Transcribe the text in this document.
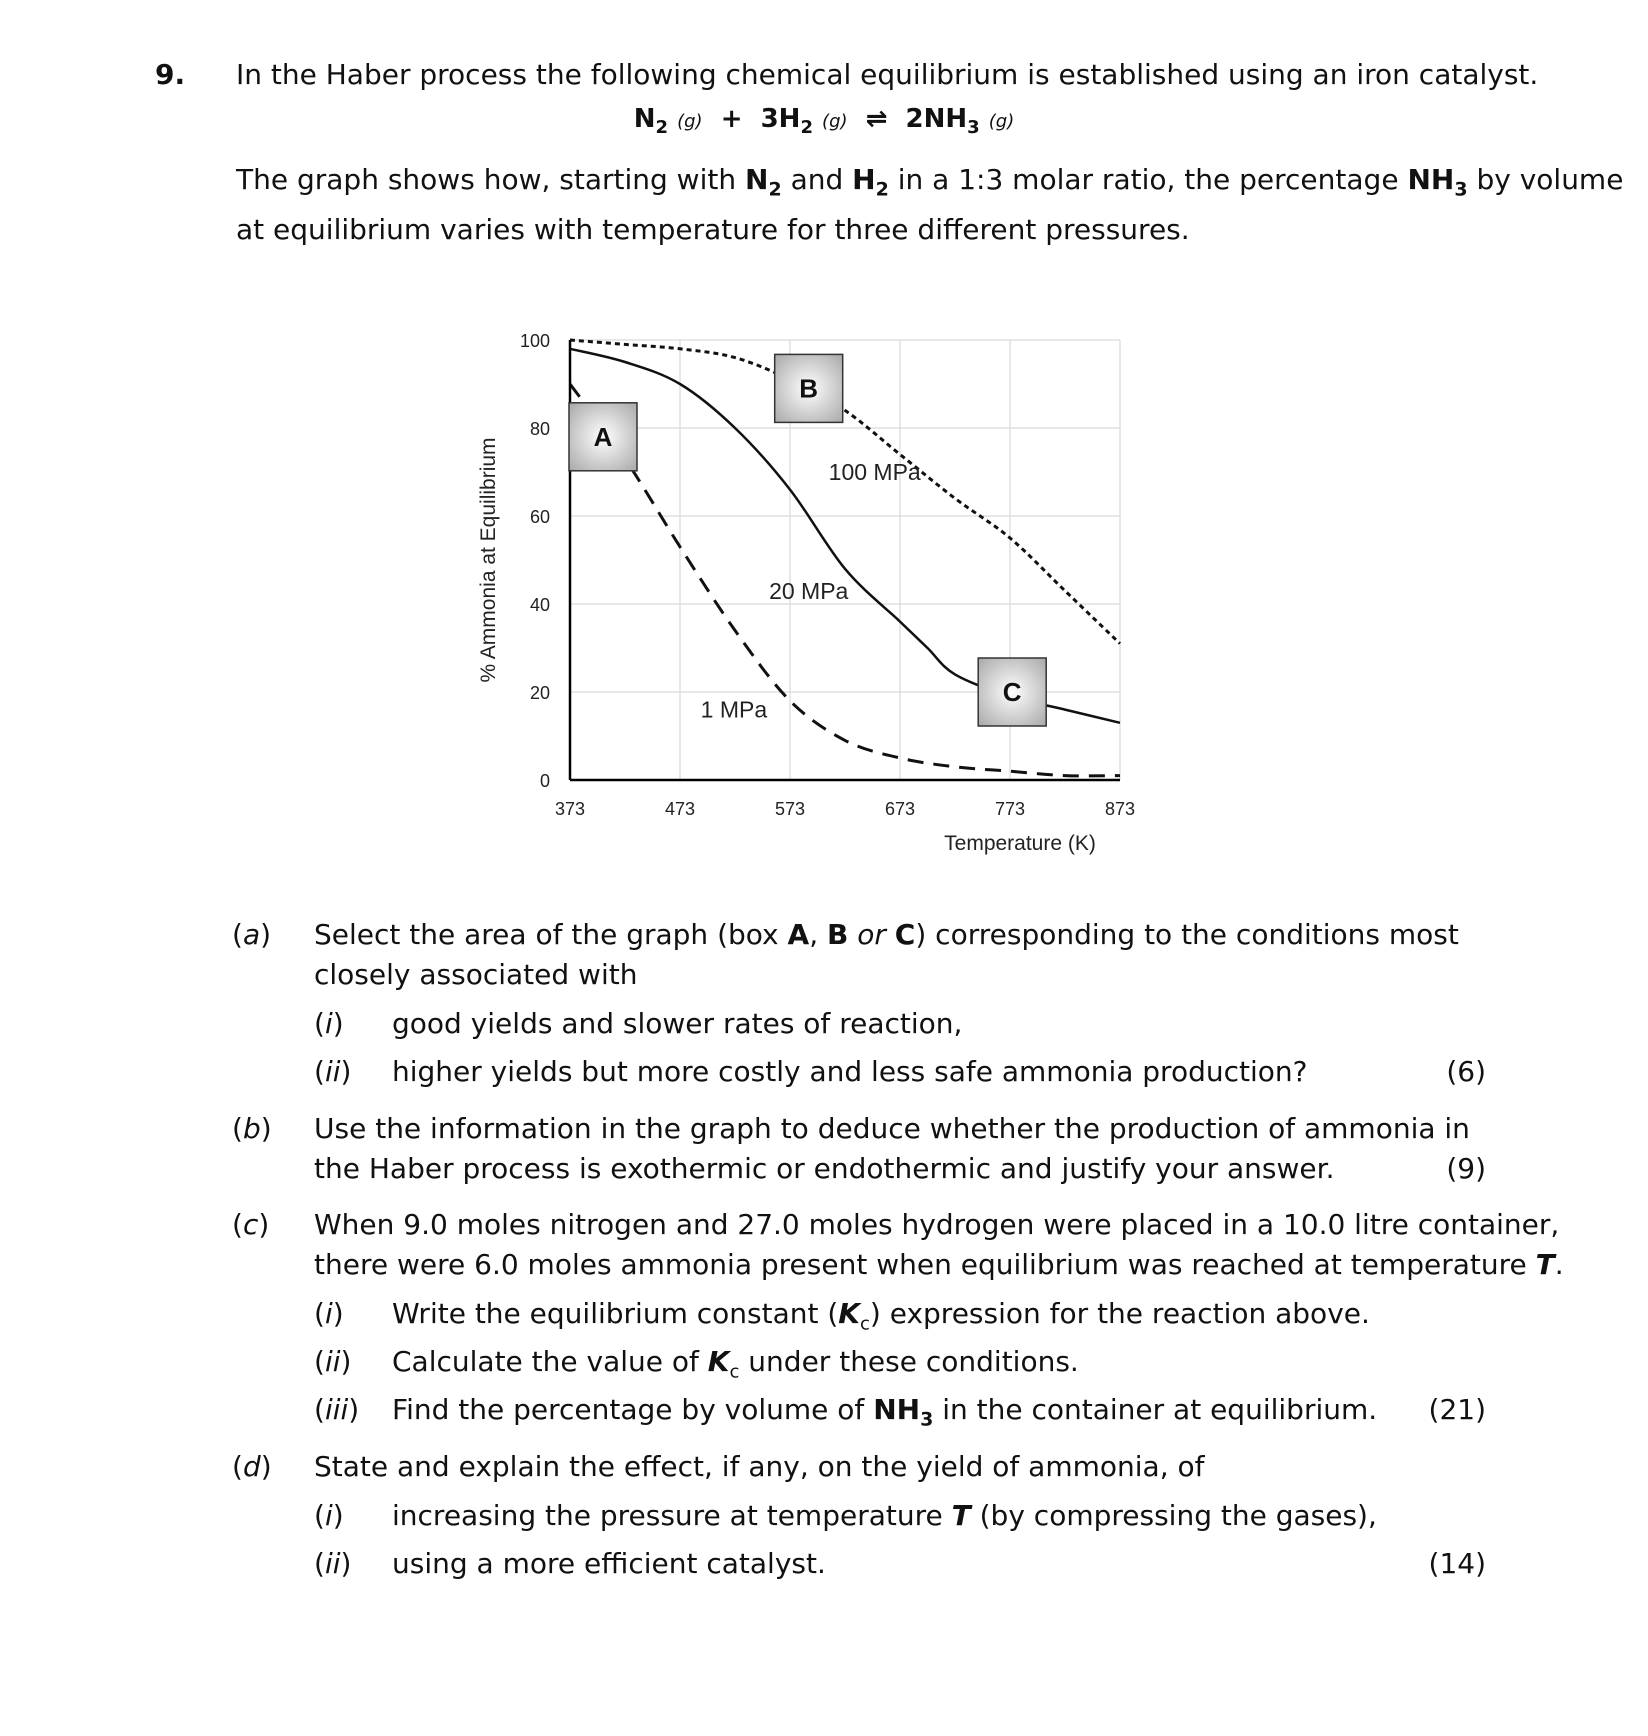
9. In the Haber process the following chemical equilibrium is established using an iron catalyst.
$N_2$ $(g) + 3H_2$ (g) ⇌ $2NH_3$ (g)
The graph shows how, starting with $N_2$ and $H_2$ in a 1:3 molar ratio, the percentage $NH_3$ by volume
at equilibrium varies with temperature for three different pressures.
0
20
40
60
80
100
373	473	573	673	773	873
% Ammonia at Equilibrium
Temperature (K)
100 MPa
20 MPa
1 MPa
A
B
C
(a) Select the area of the graph (box A, B or C) corresponding to the conditions most
closely associated with
(i) good yields and slower rates of reaction,
(ii) higher yields but more costly and less safe ammonia production?	(6)
(b) Use the information in the graph to deduce whether the production of ammonia in
the Haber process is exothermic or endothermic and justify your answer.	(9)
(c) When 9.0 moles nitrogen and 27.0 moles hydrogen were placed in a 10.0 litre container,
there were 6.0 moles ammonia present when equilibrium was reached at temperature T.
(i) Write the equilibrium constant $(K_c)$ expression for the reaction above.
(ii) Calculate the value of $K_c$ under these conditions.
(iii) Find the percentage by volume of $NH_3$ in the container at equilibrium. (21)
(d) State and explain the effect, if any, on the yield of ammonia, of
(i) increasing the pressure at temperature T (by compressing the gases),
(ii) using a more efficient catalyst.	(14)
